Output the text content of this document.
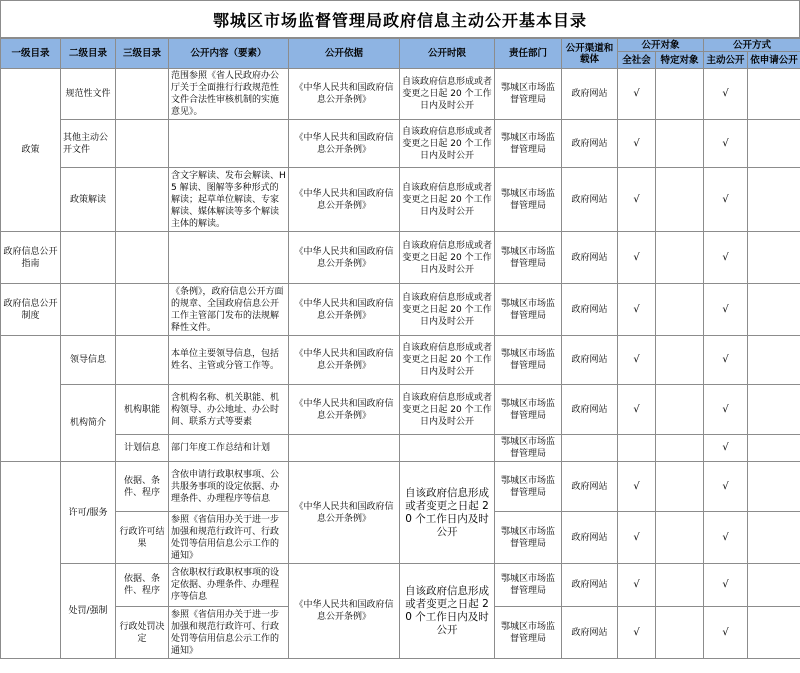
鄂城区市场监督管理局政府信息主动公开基本目录
一级目录	二级目录	三级目录	公开内容（要素）	公开依据	公开时限	责任部门	公开渠道和载体	公开对象		公开方式	
								全社会	特定对象	主动公开	依申请公开
政策	规范性文件		范围参照《省人民政府办公厅关于全面推行行政规范性文件合法性审核机制的实施意见》。	《中华人民共和国政府信息公开条例》	自该政府信息形成或者变更之日起 20 个工作日内及时公开	鄂城区市场监督管理局	政府网站	√		√	
	其他主动公开文件			《中华人民共和国政府信息公开条例》	自该政府信息形成或者变更之日起 20 个工作日内及时公开	鄂城区市场监督管理局	政府网站	√		√	
	政策解读		含文字解读、发布会解读、H5 解读、图解等多种形式的解读；起草单位解读、专家解读、媒体解读等多个解读主体的解读。	《中华人民共和国政府信息公开条例》	自该政府信息形成或者变更之日起 20 个工作日内及时公开	鄂城区市场监督管理局	政府网站	√		√	
政府信息公开指南				《中华人民共和国政府信息公开条例》	自该政府信息形成或者变更之日起 20 个工作日内及时公开	鄂城区市场监督管理局	政府网站	√		√	
政府信息公开制度			《条例》，政府信息公开方面的规章、全国政府信息公开工作主管部门发布的法规解释性文件。	《中华人民共和国政府信息公开条例》	自该政府信息形成或者变更之日起 20 个工作日内及时公开	鄂城区市场监督管理局	政府网站	√		√	
	领导信息		本单位主要领导信息，包括姓名、主管或分管工作等。	《中华人民共和国政府信息公开条例》	自该政府信息形成或者变更之日起 20 个工作日内及时公开	鄂城区市场监督管理局	政府网站	√		√	
	机构简介	机构职能	含机构名称、机关职能、机构领导、办公地址、办公时间、联系方式等要素	《中华人民共和国政府信息公开条例》	自该政府信息形成或者变更之日起 20 个工作日内及时公开	鄂城区市场监督管理局	政府网站	√		√	
		计划信息	部门年度工作总结和计划			鄂城区市场监督管理局				√	
	许可/服务	依据、条件、程序	含依申请行政职权事项、公共服务事项的设定依据、办理条件、办理程序等信息	《中华人民共和国政府信息公开条例》	自该政府信息形成或者变更之日起 20 个工作日内及时公开	鄂城区市场监督管理局	政府网站	√		√	
		行政许可结果	参照《省信用办关于进一步加强和规范行政许可、行政处罚等信用信息公示工作的通知》			鄂城区市场监督管理局	政府网站	√		√	
	处罚/强制	依据、条件、程序	含依职权行政职权事项的设定依据、办理条件、办理程序等信息	《中华人民共和国政府信息公开条例》	自该政府信息形成或者变更之日起 20 个工作日内及时公开	鄂城区市场监督管理局	政府网站	√		√	
		行政处罚决定	参照《省信用办关于进一步加强和规范行政许可、行政处罚等信用信息公示工作的通知》			鄂城区市场监督管理局	政府网站	√		√	
